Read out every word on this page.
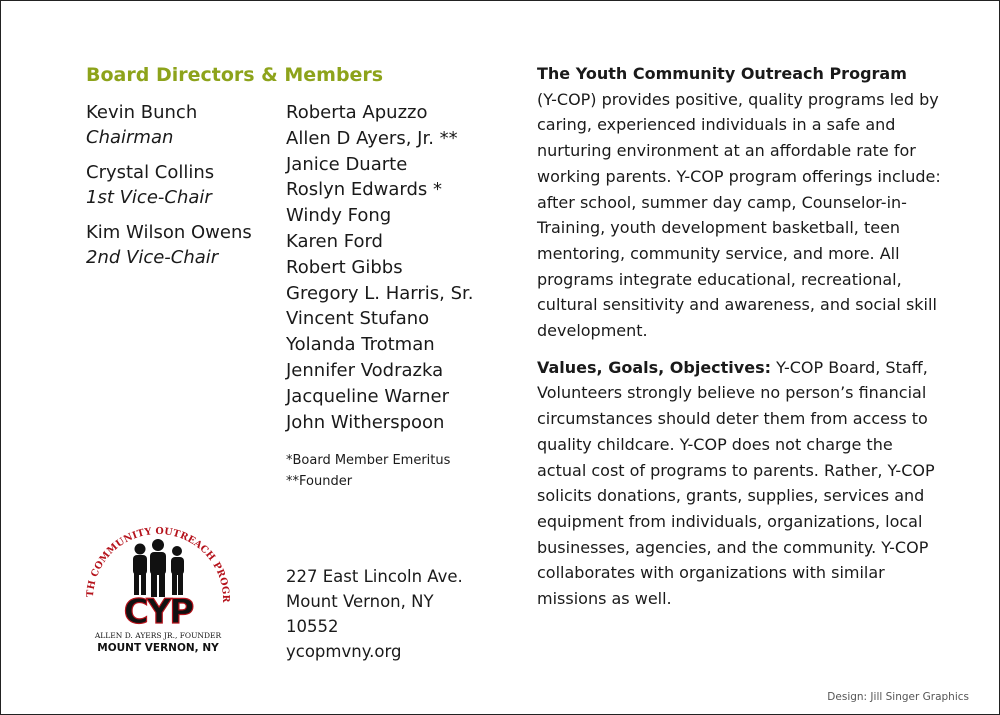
Board Directors & Members
Kevin Bunch
Chairman
Crystal Collins
1st Vice-Chair
Kim Wilson Owens
2nd Vice-Chair
Roberta Apuzzo
Allen D Ayers, Jr. **
Janice Duarte
Roslyn Edwards *
Windy Fong
Karen Ford
Robert Gibbs
Gregory L. Harris, Sr.
Vincent Stufano
Yolanda Trotman
Jennifer Vodrazka
Jacqueline Warner
John Witherspoon
*Board Member Emeritus
**Founder
TH COMMUNITY OUTREACH PROGR
CYP
ALLEN D. AYERS JR., FOUNDER
MOUNT VERNON, NY
227 East Lincoln Ave.
Mount Vernon, NY
10552
ycopmvny.org

The Youth Community Outreach Program
(Y-COP) provides positive, quality programs led by caring, experienced individuals in a safe and nurturing environment at an affordable rate for working parents. Y-COP program offerings include: after school, summer day camp, Counselor-in-Training, youth development basketball, teen mentoring, community service, and more. All programs integrate educational, recreational, cultural sensitivity and awareness, and social skill development.

Values, Goals, Objectives: Y-COP Board, Staff, Volunteers strongly believe no person’s financial circumstances should deter them from access to quality childcare. Y-COP does not charge the actual cost of programs to parents. Rather, Y-COP solicits donations, grants, supplies, services and equipment from individuals, organizations, local businesses, agencies, and the community. Y-COP collaborates with organizations with similar missions as well.

Design: Jill Singer Graphics
